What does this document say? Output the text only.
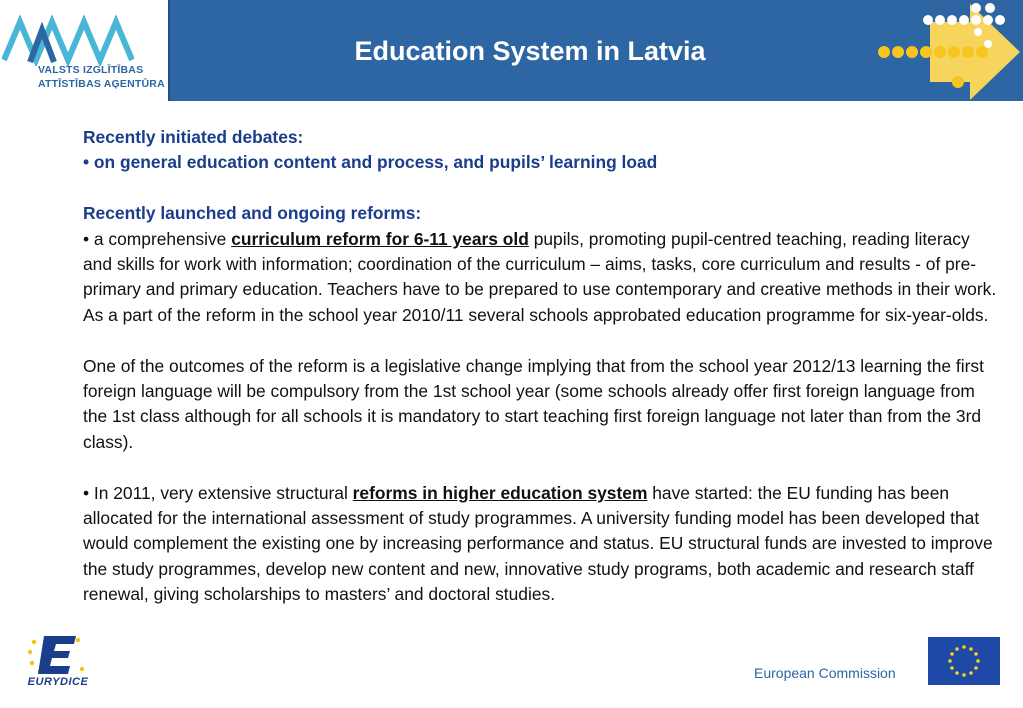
VALSTS IZGLĪTĪBAS
ATTĪSTĪBAS AĢENTŪRA
Education System in Latvia
Recently initiated debates:
• on general education content and process, and pupils’ learning load
Recently launched and ongoing reforms:
• a comprehensive curriculum reform for 6-11 years old pupils, promoting pupil-centred teaching, reading literacy and skills for work with information; coordination of the curriculum – aims, tasks, core curriculum and results - of pre-primary and primary education. Teachers have to be prepared to use contemporary and creative methods in their work. As a part of the reform in the school year 2010/11 several schools approbated education programme for six-year-olds.
One of the outcomes of the reform is a legislative change implying that from the school year 2012/13 learning the first foreign language will be compulsory from the 1st school year (some schools already offer first foreign language from the 1st class although for all schools it is mandatory to start teaching first foreign language not later than from the 3rd class).
• In 2011, very extensive structural reforms in higher education system have started: the EU funding has been allocated for the international assessment of study programmes. A university funding model has been developed that would complement the existing one by increasing performance and status. EU structural funds are invested to improve the study programmes, develop new content and new, innovative study programs, both academic and research staff renewal, giving scholarships to masters’ and doctoral studies.
EURYDICE
European Commission
